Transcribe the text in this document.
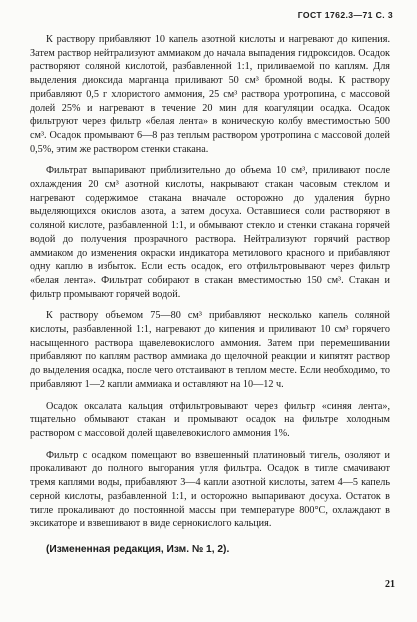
ГОСТ 1762.3—71 С. 3

К раствору прибавляют 10 капель азотной кислоты и нагревают до кипения. Затем раствор нейтрализуют аммиаком до начала выпадения гидроксидов. Осадок растворяют соляной кислотой, разбавленной 1:1, приливаемой по каплям. Для выделения диоксида марганца приливают 50 см³ бромной воды. К раствору прибавляют 0,5 г хлористого аммония, 25 см³ раствора уротропина, с массовой долей 25% и нагревают в течение 20 мин для коагуляции осадка. Осадок фильтруют через фильтр «белая лента» в коническую колбу вместимостью 500 см³. Осадок промывают 6—8 раз теплым раствором уротропина с массовой долей 0,5%, этим же раствором стенки стакана.

Фильтрат выпаривают приблизительно до объема 10 см³, приливают после охлаждения 20 см³ азотной кислоты, накрывают стакан часовым стеклом и нагревают содержимое стакана вначале осторожно до удаления бурно выделяющихся окислов азота, а затем досуха. Оставшиеся соли растворяют в соляной кислоте, разбавленной 1:1, и обмывают стекло и стенки стакана горячей водой до получения прозрачного раствора. Нейтрализуют горячий раствор аммиаком до изменения окраски индикатора метилового красного и прибавляют одну каплю в избыток. Если есть осадок, его отфильтровывают через фильтр «белая лента». Фильтрат собирают в стакан вместимостью 150 см³. Стакан и фильтр промывают горячей водой.

К раствору объемом 75—80 см³ прибавляют несколько капель соляной кислоты, разбавленной 1:1, нагревают до кипения и приливают 10 см³ горячего насыщенного раствора щавелевокислого аммония. Затем при перемешивании прибавляют по каплям раствор аммиака до щелочной реакции и кипятят раствор до выделения осадка, после чего отстаивают в теплом месте. Если необходимо, то прибавляют 1—2 капли аммиака и оставляют на 10—12 ч.

Осадок оксалата кальция отфильтровывают через фильтр «синяя лента», тщательно обмывают стакан и промывают осадок на фильтре холодным раствором с массовой долей щавелевокислого аммония 1%.

Фильтр с осадком помещают во взвешенный платиновый тигель, озоляют и прокаливают до полного выгорания угля фильтра. Осадок в тигле смачивают тремя каплями воды, прибавляют 3—4 капли азотной кислоты, затем 4—5 капель серной кислоты, разбавленной 1:1, и осторожно выпаривают досуха. Остаток в тигле прокаливают до постоянной массы при температуре 800°С, охлаждают в эксикаторе и взвешивают в виде сернокислого кальция.

(Измененная редакция, Изм. № 1, 2).

21
